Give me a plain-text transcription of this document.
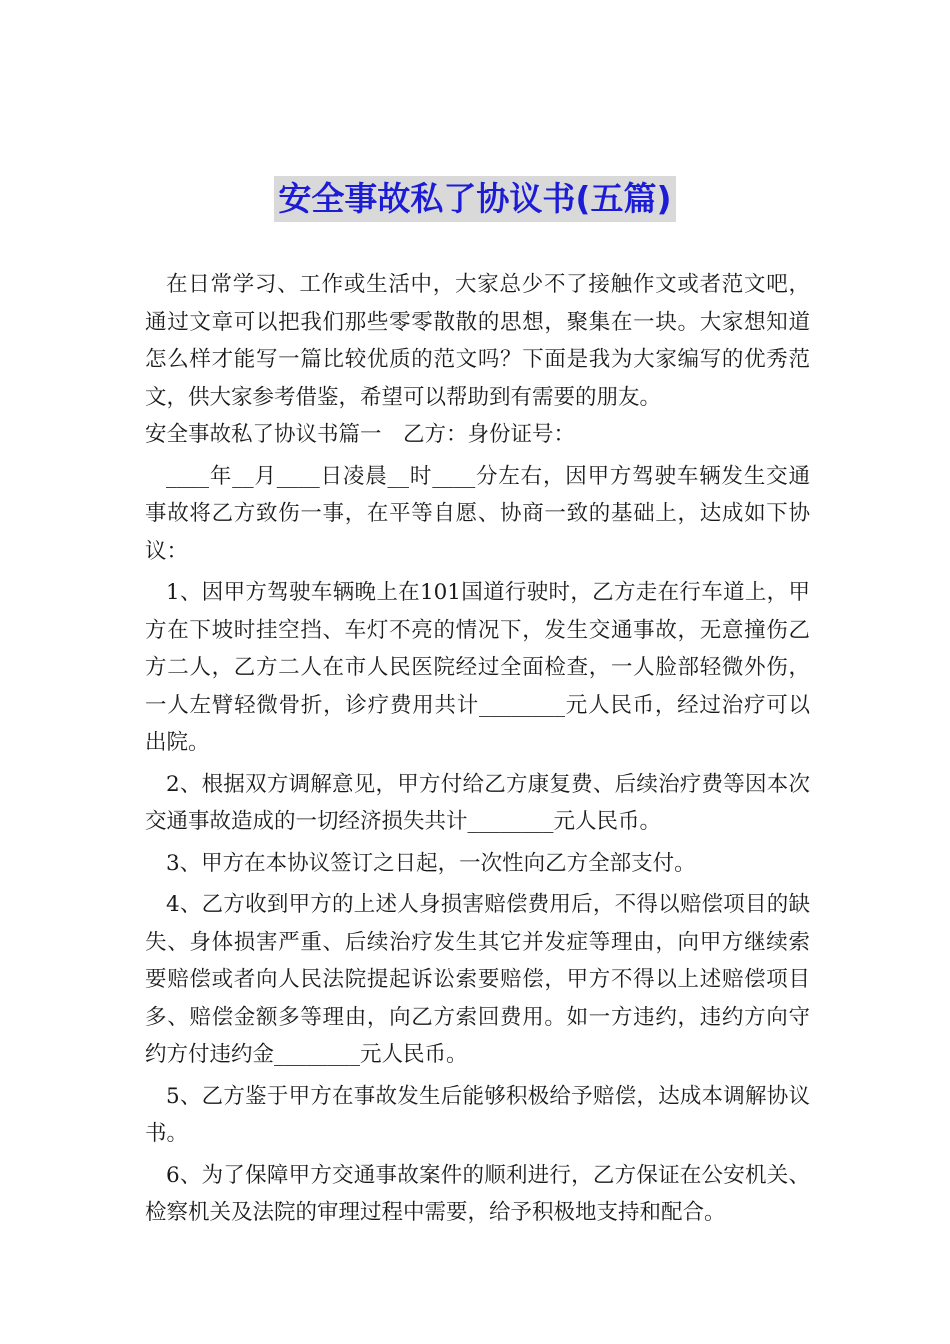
安全事故私了协议书(五篇)

在日常学习、工作或生活中，大家总少不了接触作文或者范文吧，通过文章可以把我们那些零零散散的思想，聚集在一块。大家想知道怎么样才能写一篇比较优质的范文吗？下面是我为大家编写的优秀范文，供大家参考借鉴，希望可以帮助到有需要的朋友。

安全事故私了协议书篇一　乙方：身份证号：

____年__月____日凌晨__时____分左右，因甲方驾驶车辆发生交通事故将乙方致伤一事，在平等自愿、协商一致的基础上，达成如下协议：

1、因甲方驾驶车辆晚上在101国道行驶时，乙方走在行车道上，甲方在下坡时挂空挡、车灯不亮的情况下，发生交通事故，无意撞伤乙方二人，乙方二人在市人民医院经过全面检查，一人脸部轻微外伤，一人左臂轻微骨折，诊疗费用共计________元人民币，经过治疗可以出院。

2、根据双方调解意见，甲方付给乙方康复费、后续治疗费等因本次交通事故造成的一切经济损失共计________元人民币。

3、甲方在本协议签订之日起，一次性向乙方全部支付。

4、乙方收到甲方的上述人身损害赔偿费用后，不得以赔偿项目的缺失、身体损害严重、后续治疗发生其它并发症等理由，向甲方继续索要赔偿或者向人民法院提起诉讼索要赔偿，甲方不得以上述赔偿项目多、赔偿金额多等理由，向乙方索回费用。如一方违约，违约方向守约方付违约金________元人民币。

5、乙方鉴于甲方在事故发生后能够积极给予赔偿，达成本调解协议书。

6、为了保障甲方交通事故案件的顺利进行，乙方保证在公安机关、检察机关及法院的审理过程中需要，给予积极地支持和配合。
